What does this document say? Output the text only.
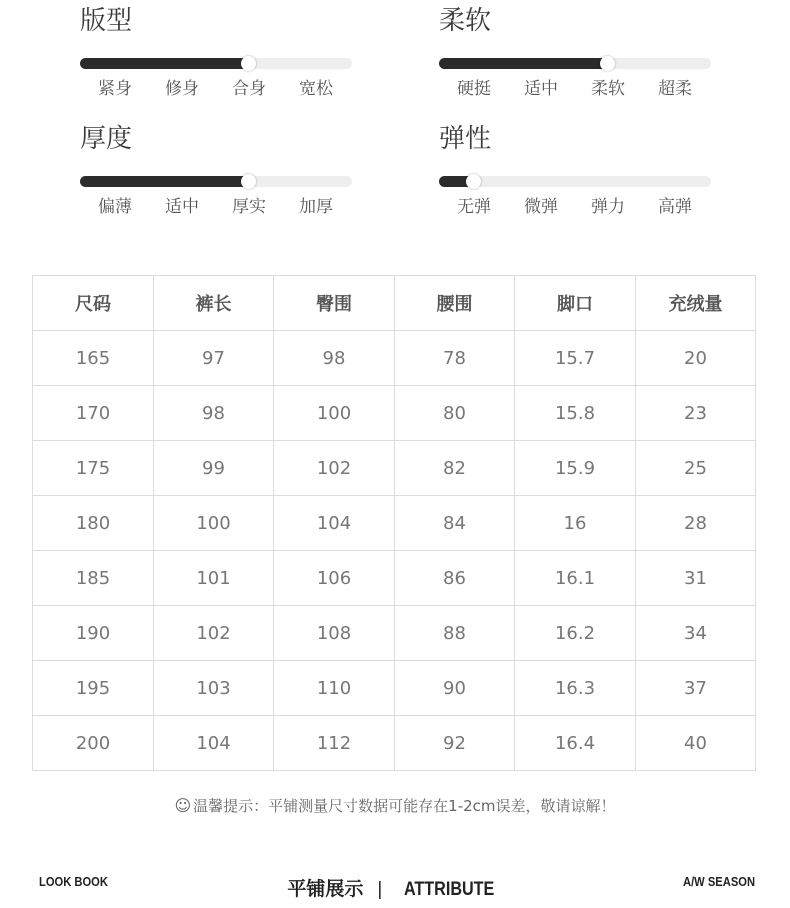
版型
紧身 修身 合身 宽松
柔软
硬挺 适中 柔软 超柔
厚度
偏薄 适中 厚实 加厚
弹性
无弹 微弹 弹力 高弹
尺码	裤长	臀围	腰围	脚口	充绒量
165	97	98	78	15.7	20
170	98	100	80	15.8	23
175	99	102	82	15.9	25
180	100	104	84	16	28
185	101	106	86	16.1	31
190	102	108	88	16.2	34
195	103	110	90	16.3	37
200	104	112	92	16.4	40
☺ 温馨提示：平铺测量尺寸数据可能存在1-2cm误差，敬请谅解！
LOOK BOOK	平铺展示 | ATTRIBUTE	A/W SEASON
